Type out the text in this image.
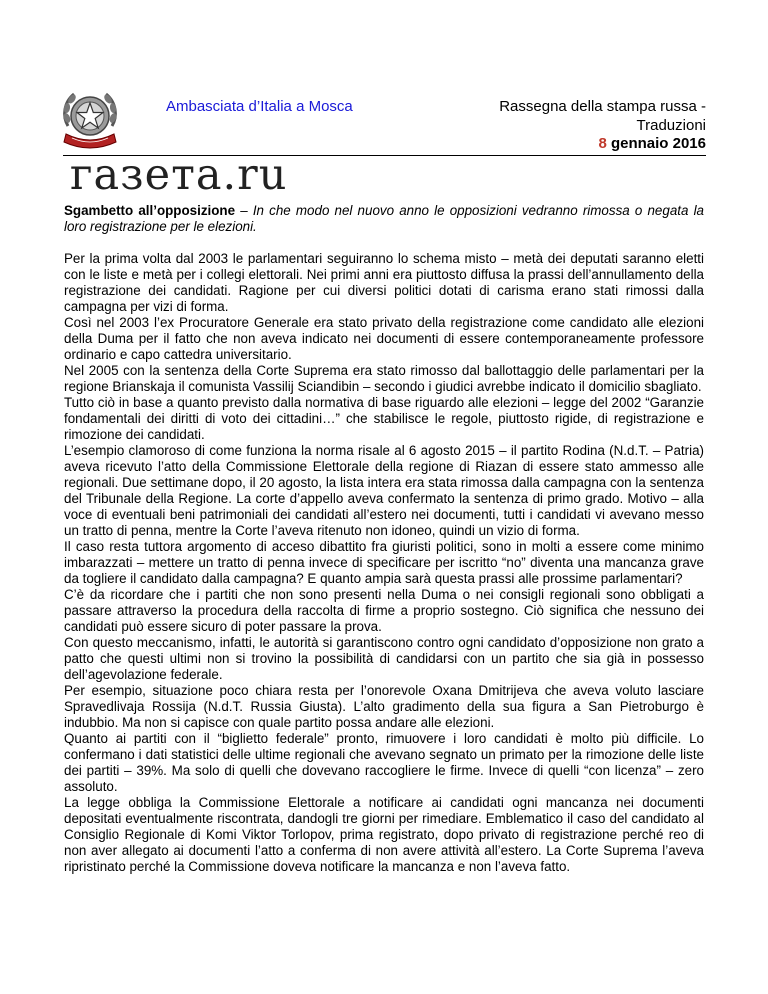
Ambasciata d’Italia a Mosca	Rassegna della stampa russa -
Traduzioni
8 gennaio 2016
газета.ru

Sgambetto all’opposizione – In che modo nel nuovo anno le opposizioni vedranno rimossa o negata la loro registrazione per le elezioni.

Per la prima volta dal 2003 le parlamentari seguiranno lo schema misto – metà dei deputati saranno eletti con le liste e metà per i collegi elettorali. Nei primi anni era piuttosto diffusa la prassi dell’annullamento della registrazione dei candidati. Ragione per cui diversi politici dotati di carisma erano stati rimossi dalla campagna per vizi di forma.

Così nel 2003 l’ex Procuratore Generale era stato privato della registrazione come candidato alle elezioni della Duma per il fatto che non aveva indicato nei documenti di essere contemporaneamente professore ordinario e capo cattedra universitario.

Nel 2005 con la sentenza della Corte Suprema era stato rimosso dal ballottaggio delle parlamentari per la regione Brianskaja il comunista Vassilij Sciandibin – secondo i giudici avrebbe indicato il domicilio sbagliato.

Tutto ciò in base a quanto previsto dalla normativa di base riguardo alle elezioni – legge del 2002 “Garanzie fondamentali dei diritti di voto dei cittadini…” che stabilisce le regole, piuttosto rigide, di registrazione e rimozione dei candidati.

L’esempio clamoroso di come funziona la norma risale al 6 agosto 2015 – il partito Rodina (N.d.T. – Patria) aveva ricevuto l’atto della Commissione Elettorale della regione di Riazan di essere stato ammesso alle regionali. Due settimane dopo, il 20 agosto, la lista intera era stata rimossa dalla campagna con la sentenza del Tribunale della Regione. La corte d’appello aveva confermato la sentenza di primo grado. Motivo – alla voce di eventuali beni patrimoniali dei candidati all’estero nei documenti, tutti i candidati vi avevano messo un tratto di penna, mentre la Corte l’aveva ritenuto non idoneo, quindi un vizio di forma.

Il caso resta tuttora argomento di acceso dibattito fra giuristi politici, sono in molti a essere come minimo imbarazzati – mettere un tratto di penna invece di specificare per iscritto “no” diventa una mancanza grave da togliere il candidato dalla campagna? E quanto ampia sarà questa prassi alle prossime parlamentari?

C’è da ricordare che i partiti che non sono presenti nella Duma o nei consigli regionali sono obbligati a passare attraverso la procedura della raccolta di firme a proprio sostegno. Ciò significa che nessuno dei candidati può essere sicuro di poter passare la prova.

Con questo meccanismo, infatti, le autorità si garantiscono contro ogni candidato d’opposizione non grato a patto che questi ultimi non si trovino la possibilità di candidarsi con un partito che sia già in possesso dell’agevolazione federale.

Per esempio, situazione poco chiara resta per l’onorevole Oxana Dmitrijeva che aveva voluto lasciare Spravedlivaja Rossija (N.d.T. Russia Giusta). L’alto gradimento della sua figura a San Pietroburgo è indubbio. Ma non si capisce con quale partito possa andare alle elezioni.

Quanto ai partiti con il “biglietto federale” pronto, rimuovere i loro candidati è molto più difficile. Lo confermano i dati statistici delle ultime regionali che avevano segnato un primato per la rimozione delle liste dei partiti – 39%. Ma solo di quelli che dovevano raccogliere le firme. Invece di quelli “con licenza” – zero assoluto.

La legge obbliga la Commissione Elettorale a notificare ai candidati ogni mancanza nei documenti depositati eventualmente riscontrata, dandogli tre giorni per rimediare. Emblematico il caso del candidato al Consiglio Regionale di Komi Viktor Torlopov, prima registrato, dopo privato di registrazione perché reo di non aver allegato ai documenti l’atto a conferma di non avere attività all’estero. La Corte Suprema l’aveva ripristinato perché la Commissione doveva notificare la mancanza e non l’aveva fatto.
